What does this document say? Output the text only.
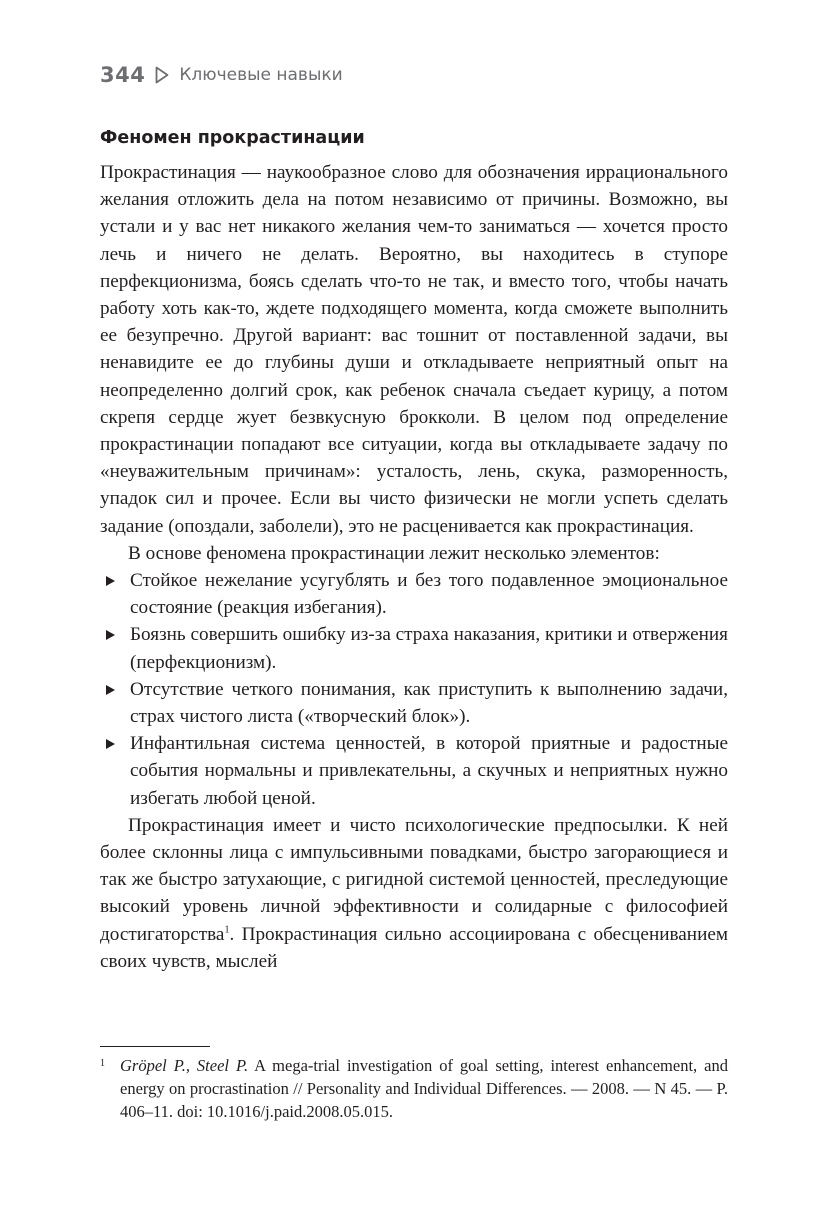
344 Ключевые навыки
Феномен прокрастинации

Прокрастинация — наукообразное слово для обозначения иррационального желания отложить дела на потом независимо от причины. Возможно, вы устали и у вас нет никакого желания чем-то заниматься — хочется просто лечь и ничего не делать. Вероятно, вы находитесь в ступоре перфекционизма, боясь сделать что-то не так, и вместо того, чтобы начать работу хоть как-то, ждете подходящего момента, когда сможете выполнить ее безупречно. Другой вариант: вас тошнит от поставленной задачи, вы ненавидите ее до глубины души и откладываете неприятный опыт на неопределенно долгий срок, как ребенок сначала съедает курицу, а потом скрепя сердце жует безвкусную брокколи. В целом под определение прокрастинации попадают все ситуации, когда вы откладываете задачу по «неуважительным причинам»: усталость, лень, скука, разморенность, упадок сил и прочее. Если вы чисто физически не могли успеть сделать задание (опоздали, заболели), это не расценивается как прокрастинация.

В основе феномена прокрастинации лежит несколько элементов:

Стойкое нежелание усугублять и без того подавленное эмоциональное состояние (реакция избегания).
Боязнь совершить ошибку из-за страха наказания, критики и отвержения (перфекционизм).
Отсутствие четкого понимания, как приступить к выполнению задачи, страх чистого листа («творческий блок»).
Инфантильная система ценностей, в которой приятные и радостные события нормальны и привлекательны, а скучных и неприятных нужно избегать любой ценой.

Прокрастинация имеет и чисто психологические предпосылки. К ней более склонны лица с импульсивными повадками, быстро загорающиеся и так же быстро затухающие, с ригидной системой ценностей, преследующие высокий уровень личной эффективности и солидарные с философией достигаторства$^1$. Прокрастинация сильно ассоциирована с обесцениванием своих чувств, мыслей

1 Gröpel P., Steel P. A mega-trial investigation of goal setting, interest enhancement, and energy on procrastination // Personality and Individual Differences. — 2008. — N 45. — P. 406–11. doi: 10.1016/j.paid.2008.05.015.
